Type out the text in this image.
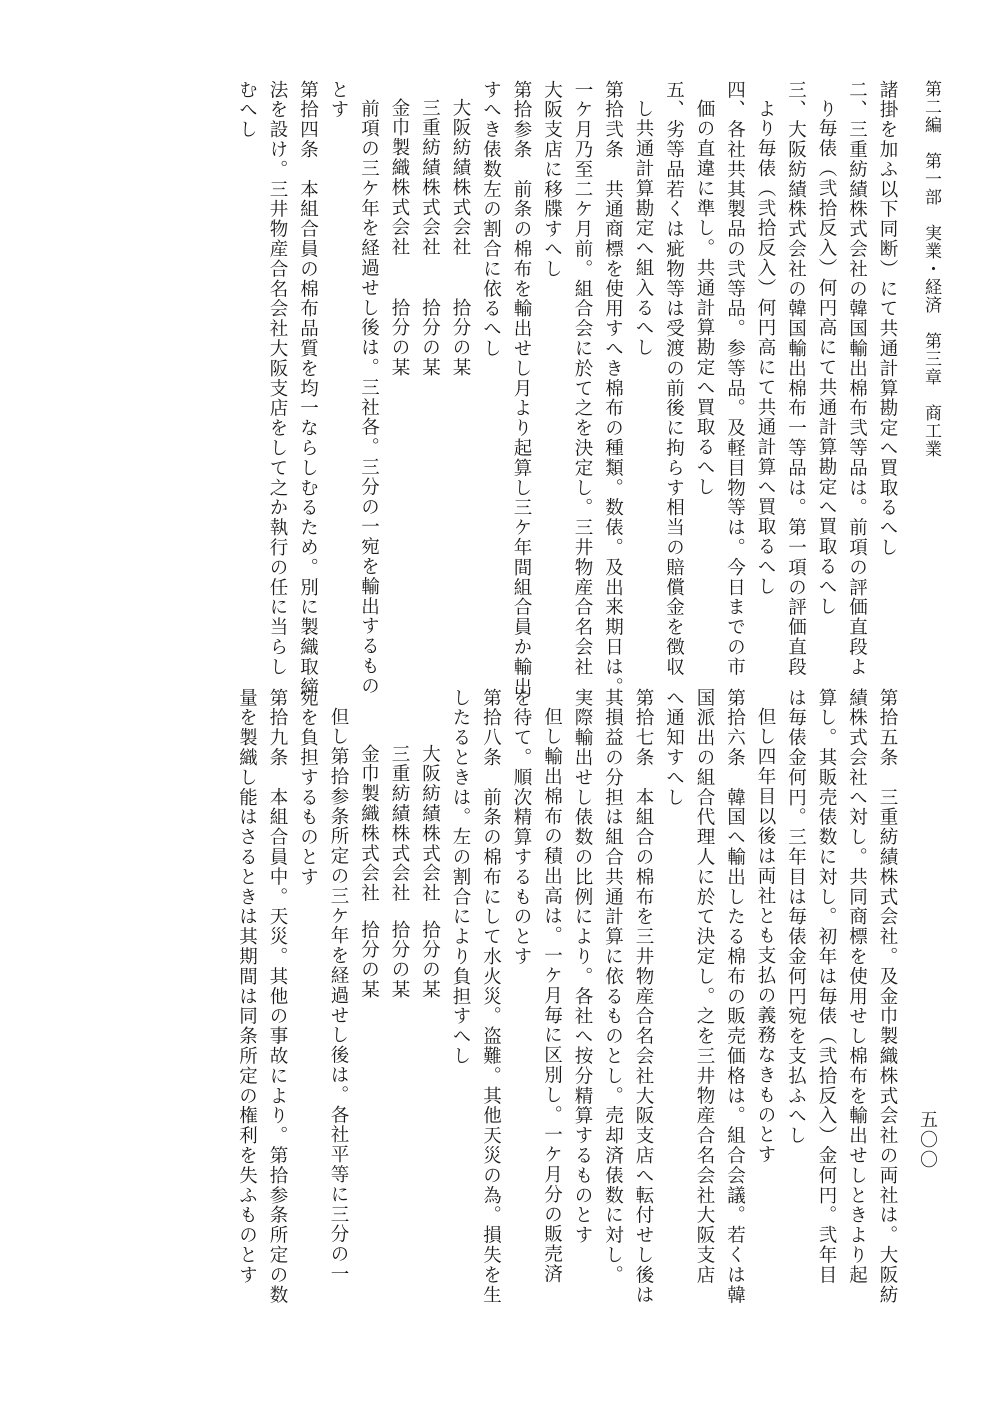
第二編　第一部　実業・経済　第三章　商工業
五〇〇
諸掛を加ふ以下同断）にて共通計算勘定へ買取るへし
二、三重紡績株式会社の韓国輸出棉布弐等品は。前項の評価直段よ
り毎俵（弐拾反入）何円高にて共通計算勘定へ買取るへし
三、大阪紡績株式会社の韓国輸出棉布一等品は。第一項の評価直段
より毎俵（弐拾反入）何円高にて共通計算へ買取るへし
四、各社共其製品の弐等品。参等品。及軽目物等は。今日までの市
価の直違に準し。共通計算勘定へ買取るへし
五、劣等品若くは疵物等は受渡の前後に拘らす相当の賠償金を徴収
し共通計算勘定へ組入るへし
第拾弐条　共通商標を使用すへき棉布の種類。数俵。及出来期日は。
一ケ月乃至二ケ月前。組合会に於て之を決定し。三井物産合名会社
大阪支店に移牒すへし
第拾参条　前条の棉布を輸出せし月より起算し三ケ年間組合員か輸出
すへき俵数左の割合に依るへし
大阪紡績株式会社拾分の某
三重紡績株式会社拾分の某
金巾製織株式会社拾分の某
前項の三ケ年を経過せし後は。三社各。三分の一宛を輸出するもの
とす
第拾四条　本組合員の棉布品質を均一ならしむるため。別に製織取締
法を設け。三井物産合名会社大阪支店をして之か執行の任に当らし
むへし
第拾五条　三重紡績株式会社。及金巾製織株式会社の両社は。大阪紡
績株式会社へ対し。共同商標を使用せし棉布を輸出せしときより起
算し。其販売俵数に対し。初年は毎俵（弐拾反入）金何円。弐年目
は毎俵金何円。三年目は毎俵金何円宛を支払ふへし
但し四年目以後は両社とも支払の義務なきものとす
第拾六条　韓国へ輸出したる棉布の販売価格は。組合会議。若くは韓
国派出の組合代理人に於て決定し。之を三井物産合名会社大阪支店
へ通知すへし
第拾七条　本組合の棉布を三井物産合名会社大阪支店へ転付せし後は
其損益の分担は組合共通計算に依るものとし。売却済俵数に対し。
実際輸出せし俵数の比例により。各社へ按分精算するものとす
但し輸出棉布の積出高は。一ケ月毎に区別し。一ケ月分の販売済
を待て。順次精算するものとす
第拾八条　前条の棉布にして水火災。盗難。其他天災の為。損失を生
したるときは。左の割合により負担すへし
大阪紡績株式会社拾分の某
三重紡績株式会社拾分の某
金巾製織株式会社拾分の某
但し第拾参条所定の三ケ年を経過せし後は。各社平等に三分の一
宛を負担するものとす
第拾九条　本組合員中。天災。其他の事故により。第拾参条所定の数
量を製織し能はさるときは其期間は同条所定の権利を失ふものとす
